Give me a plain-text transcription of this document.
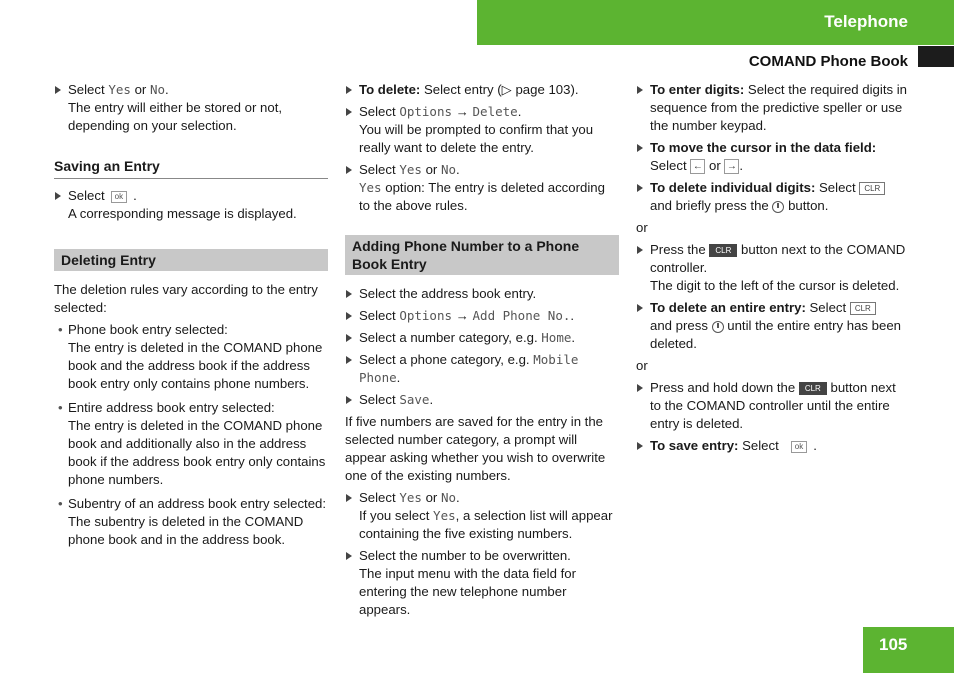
Telephone
COMAND Phone Book
Select Yes or No.
The entry will either be stored or not, depending on your selection.
Saving an Entry
Select ok .
A corresponding message is displayed.
Deleting Entry
The deletion rules vary according to the entry selected:
• Phone book entry selected:
The entry is deleted in the COMAND phone book and the address book if the address book entry only contains phone numbers.
• Entire address book entry selected:
The entry is deleted in the COMAND phone book and additionally also in the address book if the address book entry only contains phone numbers.
• Subentry of an address book entry selected:
The subentry is deleted in the COMAND phone book and in the address book.
To delete: Select entry (▷ page 103).
Select Options → Delete.
You will be prompted to confirm that you really want to delete the entry.
Select Yes or No.
Yes option: The entry is deleted according to the above rules.
Adding Phone Number to a Phone Book Entry
Select the address book entry.
Select Options → Add Phone No..
Select a number category, e.g. Home.
Select a phone category, e.g. Mobile Phone.
Select Save.
If five numbers are saved for the entry in the selected number category, a prompt will appear asking whether you wish to overwrite one of the existing numbers.
Select Yes or No.
If you select Yes, a selection list will appear containing the five existing numbers.
Select the number to be overwritten.
The input menu with the data field for entering the new telephone number appears.
To enter digits: Select the required digits in sequence from the predictive speller or use the number keypad.
To move the cursor in the data field:
Select ← or → .
To delete individual digits: Select CLR
and briefly press the  button.
or
Press the CLR button next to the COMAND controller.
The digit to the left of the cursor is deleted.
To delete an entire entry: Select CLR
and press  until the entire entry has been deleted.
or
Press and hold down the CLR button next to the COMAND controller until the entire entry is deleted.
To save entry: Select ok .
105
